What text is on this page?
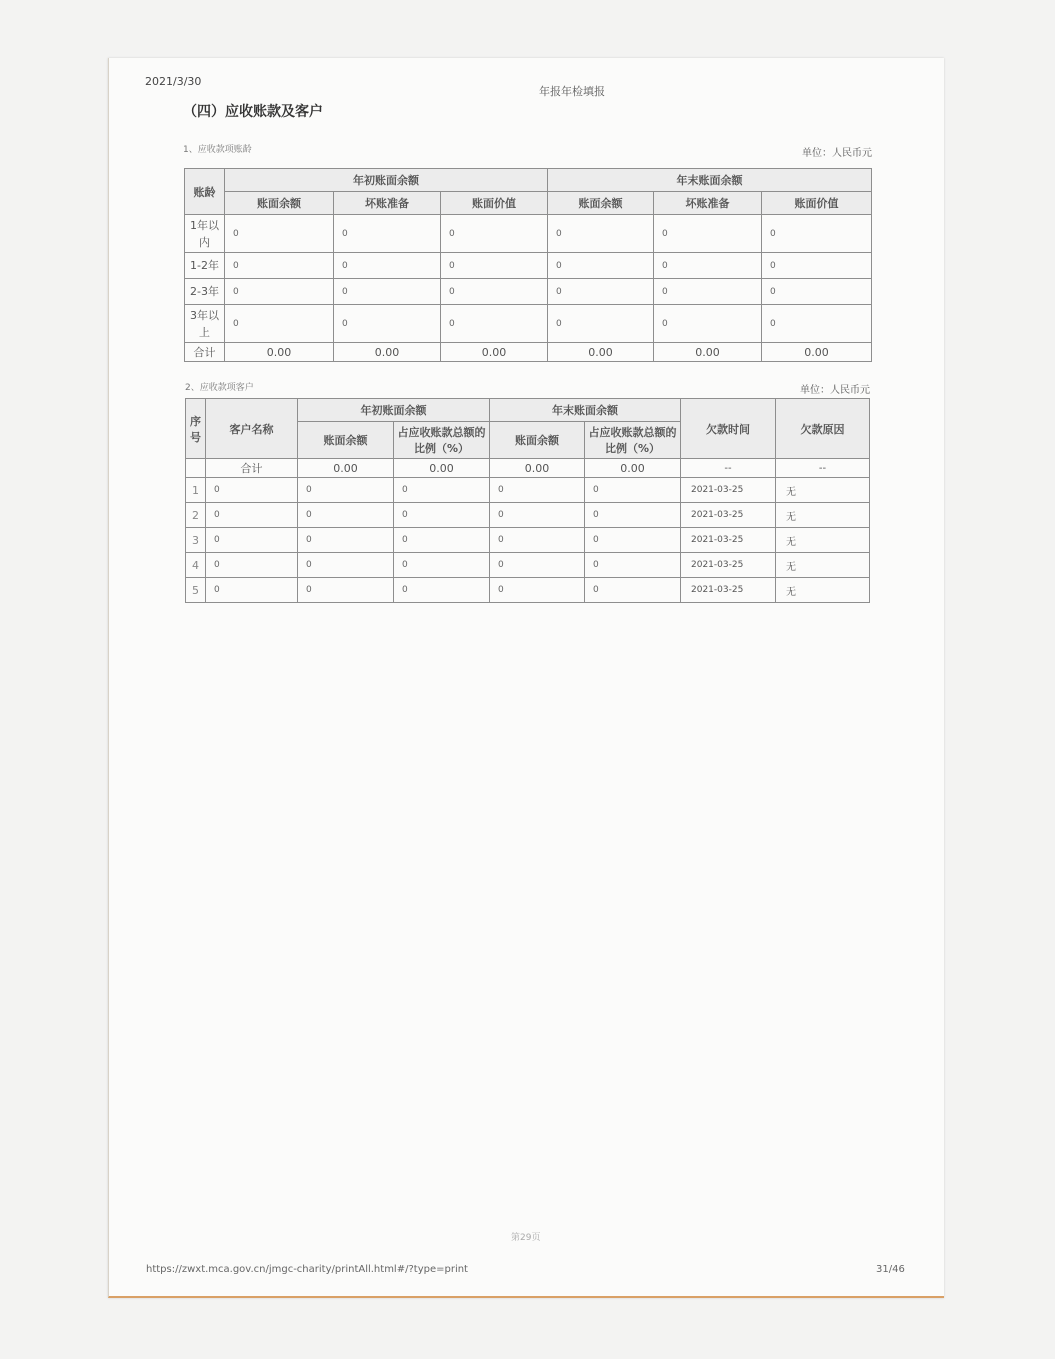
2021/3/30
年报年检填报
（四）应收账款及客户
1、应收款项账龄	单位：人民币元
账龄	年初账面余额			年末账面余额		
	账面余额	坏账准备	账面价值	账面余额	坏账准备	账面价值
1年以内	0	0	0	0	0	0
1-2年	0	0	0	0	0	0
2-3年	0	0	0	0	0	0
3年以上	0	0	0	0	0	0
合计	0.00	0.00	0.00	0.00	0.00	0.00
2、应收款项客户	单位：人民币元
序号	客户名称	年初账面余额		年末账面余额		欠款时间	欠款原因
		账面余额	占应收账款总额的比例（%）	账面余额	占应收账款总额的比例（%）		
	合计	0.00	0.00	0.00	0.00	--	--
1	0	0	0	0	0	2021-03-25	无
2	0	0	0	0	0	2021-03-25	无
3	0	0	0	0	0	2021-03-25	无
4	0	0	0	0	0	2021-03-25	无
5	0	0	0	0	0	2021-03-25	无
第29页
https://zwxt.mca.gov.cn/jmgc-charity/printAll.html#/?type=print	31/46
